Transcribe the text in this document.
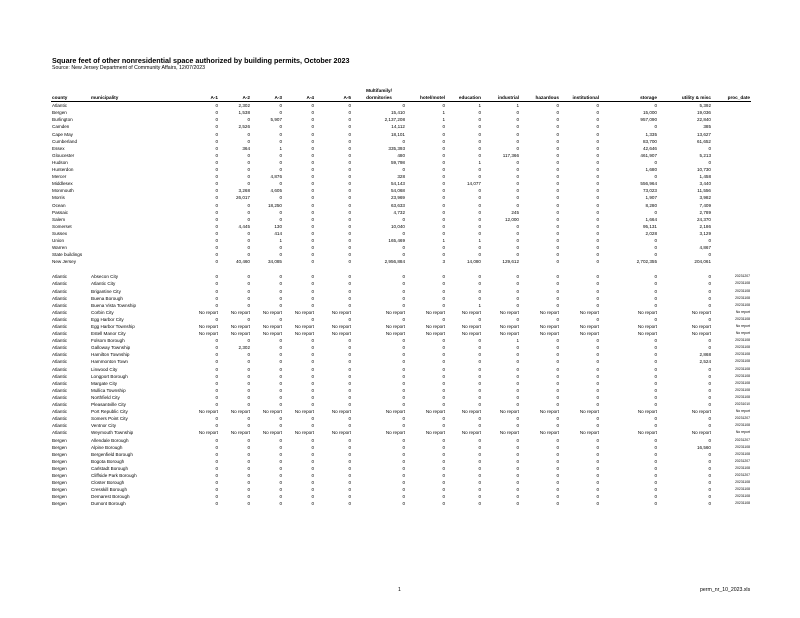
Square feet of other nonresidential space authorized by building permits, October 2023
Source: New Jersey Department of Community Affairs, 12/07/2023
							Multifamily/								
county	municipality	A-1	A-2	A-3	A-4	A-5	dormitories	hotel/motel	education	industrial	hazardous	institutional	storage	utility & misc	proc_date
Atlantic		0	2,302	0	0	0	0	0	1	1	0	0	0	5,392	
Bergen		0	1,538	0	0	0	15,410	1	0	0	0	0	15,000	19,036	
Burlington		0	0	5,907	0	0	2,137,208	1	0	0	0	0	957,090	22,840	
Camden		0	2,526	0	0	0	14,112	0	0	0	0	0	0	385	
Cape May		0	0	0	0	0	18,101	0	0	0	0	0	1,335	13,627	
Cumberland		0	0	0	0	0	0	0	0	0	0	0	83,700	61,652	
Essex		0	364	1	0	0	335,393	0	0	0	0	0	42,646	0	
Gloucester		0	0	0	0	0	480	0	0	117,366	0	0	461,907	5,213	
Hudson		0	0	0	0	0	59,798	0	1	0	0	0	0	0	
Hunterdon		0	0	0	0	0	0	0	0	0	0	0	1,680	10,730	
Mercer		0	0	4,876	0	0	328	0	0	0	0	0	0	1,458	
Middlesex		0	0	0	0	0	54,143	0	14,077	0	0	0	556,964	3,440	
Monmouth		0	3,268	4,605	0	0	54,068	0	0	0	0	0	73,023	11,556	
Morris		0	26,017	0	0	0	23,969	0	0	0	0	0	1,907	3,982	
Ocean		0	0	18,250	0	0	63,633	0	0	0	0	0	8,280	7,409	
Passaic		0	0	0	0	0	4,732	0	0	245	0	0	0	2,789	
Salem		0	0	0	0	0	0	0	0	12,000	0	0	1,664	24,370	
Somerset		0	4,445	130	0	0	10,040	0	0	0	0	0	95,131	2,186	
Sussex		0	0	414	0	0	0	0	0	0	0	0	2,028	3,129	
Union		0	0	1	0	0	165,469	1	1	0	0	0	0	0	
Warren		0	0	0	0	0	0	0	0	0	0	0	0	4,867	
State buildings		0	0	0	0	0	0	0	0	0	0	0	0	0	
New Jersey		0	40,460	34,085	0	0	2,956,884	3	14,080	129,612	0	0	2,702,355	204,061	

Atlantic	Absecon City	0	0	0	0	0	0	0	0	0	0	0	0	0	20231207
Atlantic	Atlantic City	0	0	0	0	0	0	0	0	0	0	0	0	0	20231108
Atlantic	Brigantine City	0	0	0	0	0	0	0	0	0	0	0	0	0	20231108
Atlantic	Buena Borough	0	0	0	0	0	0	0	0	0	0	0	0	0	20231108
Atlantic	Buena Vista Township	0	0	0	0	0	0	0	1	0	0	0	0	0	20231108
Atlantic	Corbin City	No report	No report	No report	No report	No report	No report	No report	No report	No report	No report	No report	No report	No report	No report
Atlantic	Egg Harbor City	0	0	0	0	0	0	0	0	0	0	0	0	0	20231108
Atlantic	Egg Harbor Township	No report	No report	No report	No report	No report	No report	No report	No report	No report	No report	No report	No report	No report	No report
Atlantic	Estell Manor City	No report	No report	No report	No report	No report	No report	No report	No report	No report	No report	No report	No report	No report	No report
Atlantic	Folsom Borough	0	0	0	0	0	0	0	0	1	0	0	0	0	20231108
Atlantic	Galloway Township	0	2,302	0	0	0	0	0	0	0	0	0	0	0	20231108
Atlantic	Hamilton Township	0	0	0	0	0	0	0	0	0	0	0	0	2,868	20231108
Atlantic	Hammonton Town	0	0	0	0	0	0	0	0	0	0	0	0	2,524	20231108
Atlantic	Linwood City	0	0	0	0	0	0	0	0	0	0	0	0	0	20231108
Atlantic	Longport Borough	0	0	0	0	0	0	0	0	0	0	0	0	0	20231108
Atlantic	Margate City	0	0	0	0	0	0	0	0	0	0	0	0	0	20231108
Atlantic	Mullica Township	0	0	0	0	0	0	0	0	0	0	0	0	0	20231108
Atlantic	Northfield City	0	0	0	0	0	0	0	0	0	0	0	0	0	20231108
Atlantic	Pleasantville City	0	0	0	0	0	0	0	0	0	0	0	0	0	20231010
Atlantic	Port Republic City	No report	No report	No report	No report	No report	No report	No report	No report	No report	No report	No report	No report	No report	No report
Atlantic	Somers Point City	0	0	0	0	0	0	0	0	0	0	0	0	0	20231207
Atlantic	Ventnor City	0	0	0	0	0	0	0	0	0	0	0	0	0	20231108
Atlantic	Weymouth Township	No report	No report	No report	No report	No report	No report	No report	No report	No report	No report	No report	No report	No report	No report
Bergen	Allendale Borough	0	0	0	0	0	0	0	0	0	0	0	0	0	20231207
Bergen	Alpine Borough	0	0	0	0	0	0	0	0	0	0	0	0	16,560	20231108
Bergen	Bergenfield Borough	0	0	0	0	0	0	0	0	0	0	0	0	0	20231108
Bergen	Bogota Borough	0	0	0	0	0	0	0	0	0	0	0	0	0	20231207
Bergen	Carlstadt Borough	0	0	0	0	0	0	0	0	0	0	0	0	0	20231108
Bergen	Cliffside Park Borough	0	0	0	0	0	0	0	0	0	0	0	0	0	20231207
Bergen	Closter Borough	0	0	0	0	0	0	0	0	0	0	0	0	0	20231108
Bergen	Cresskill Borough	0	0	0	0	0	0	0	0	0	0	0	0	0	20231108
Bergen	Demarest Borough	0	0	0	0	0	0	0	0	0	0	0	0	0	20231108
Bergen	Dumont Borough	0	0	0	0	0	0	0	0	0	0	0	0	0	20231108
1	perm_nr_10_2023.xls
